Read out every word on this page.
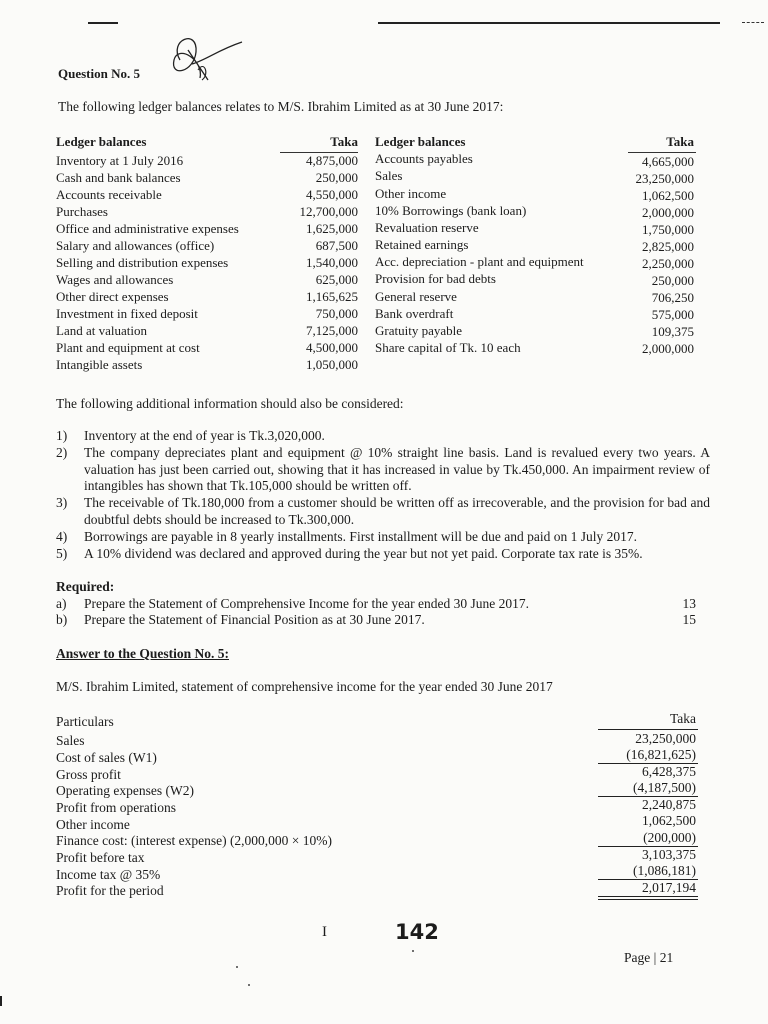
Question No. 5
The following ledger balances relates to M/S. Ibrahim Limited as at 30 June 2017:
Ledger balances	Taka Ledger balances	Taka
Inventory at 1 July 2016	4,875,000
Cash and bank balances	250,000
Accounts receivable	4,550,000
Purchases	12,700,000
Office and administrative expenses	1,625,000
Salary and allowances (office)	687,500
Selling and distribution expenses	1,540,000
Wages and allowances	625,000
Other direct expenses	1,165,625
Investment in fixed deposit	750,000
Land at valuation	7,125,000
Plant and equipment at cost	4,500,000
Intangible assets	1,050,000
Accounts payables	4,665,000
Sales	23,250,000
Other income	1,062,500
10% Borrowings (bank loan)	2,000,000
Revaluation reserve	1,750,000
Retained earnings	2,825,000
Acc. depreciation - plant and equipment	2,250,000
Provision for bad debts	250,000
General reserve	706,250
Bank overdraft	575,000
Gratuity payable	109,375
Share capital of Tk. 10 each	2,000,000
The following additional information should also be considered:
1)	Inventory at the end of year is Tk.3,020,000.
2)	The company depreciates plant and equipment @ 10% straight line basis. Land is revalued every two years. A valuation has just been carried out, showing that it has increased in value by Tk.450,000. An impairment review of intangibles has shown that Tk.105,000 should be written off.
3)	The receivable of Tk.180,000 from a customer should be written off as irrecoverable, and the provision for bad and doubtful debts should be increased to Tk.300,000.
4)	Borrowings are payable in 8 yearly installments. First installment will be due and paid on 1 July 2017.
5)	A 10% dividend was declared and approved during the year but not yet paid. Corporate tax rate is 35%.
Required:
a) Prepare the Statement of Comprehensive Income for the year ended 30 June 2017.	13
b) Prepare the Statement of Financial Position as at 30 June 2017.	15
Answer to the Question No. 5:
M/S. Ibrahim Limited, statement of comprehensive income for the year ended 30 June 2017
Particulars	Taka
Sales	23,250,000
Cost of sales (W1)	(16,821,625)
Gross profit	6,428,375
Operating expenses (W2)	(4,187,500)
Profit from operations	2,240,875
Other income	1,062,500
Finance cost: (interest expense) (2,000,000 × 10%)	(200,000)
Profit before tax	3,103,375
Income tax @ 35%	(1,086,181)
Profit for the period	2,017,194
I	142
Page | 21
